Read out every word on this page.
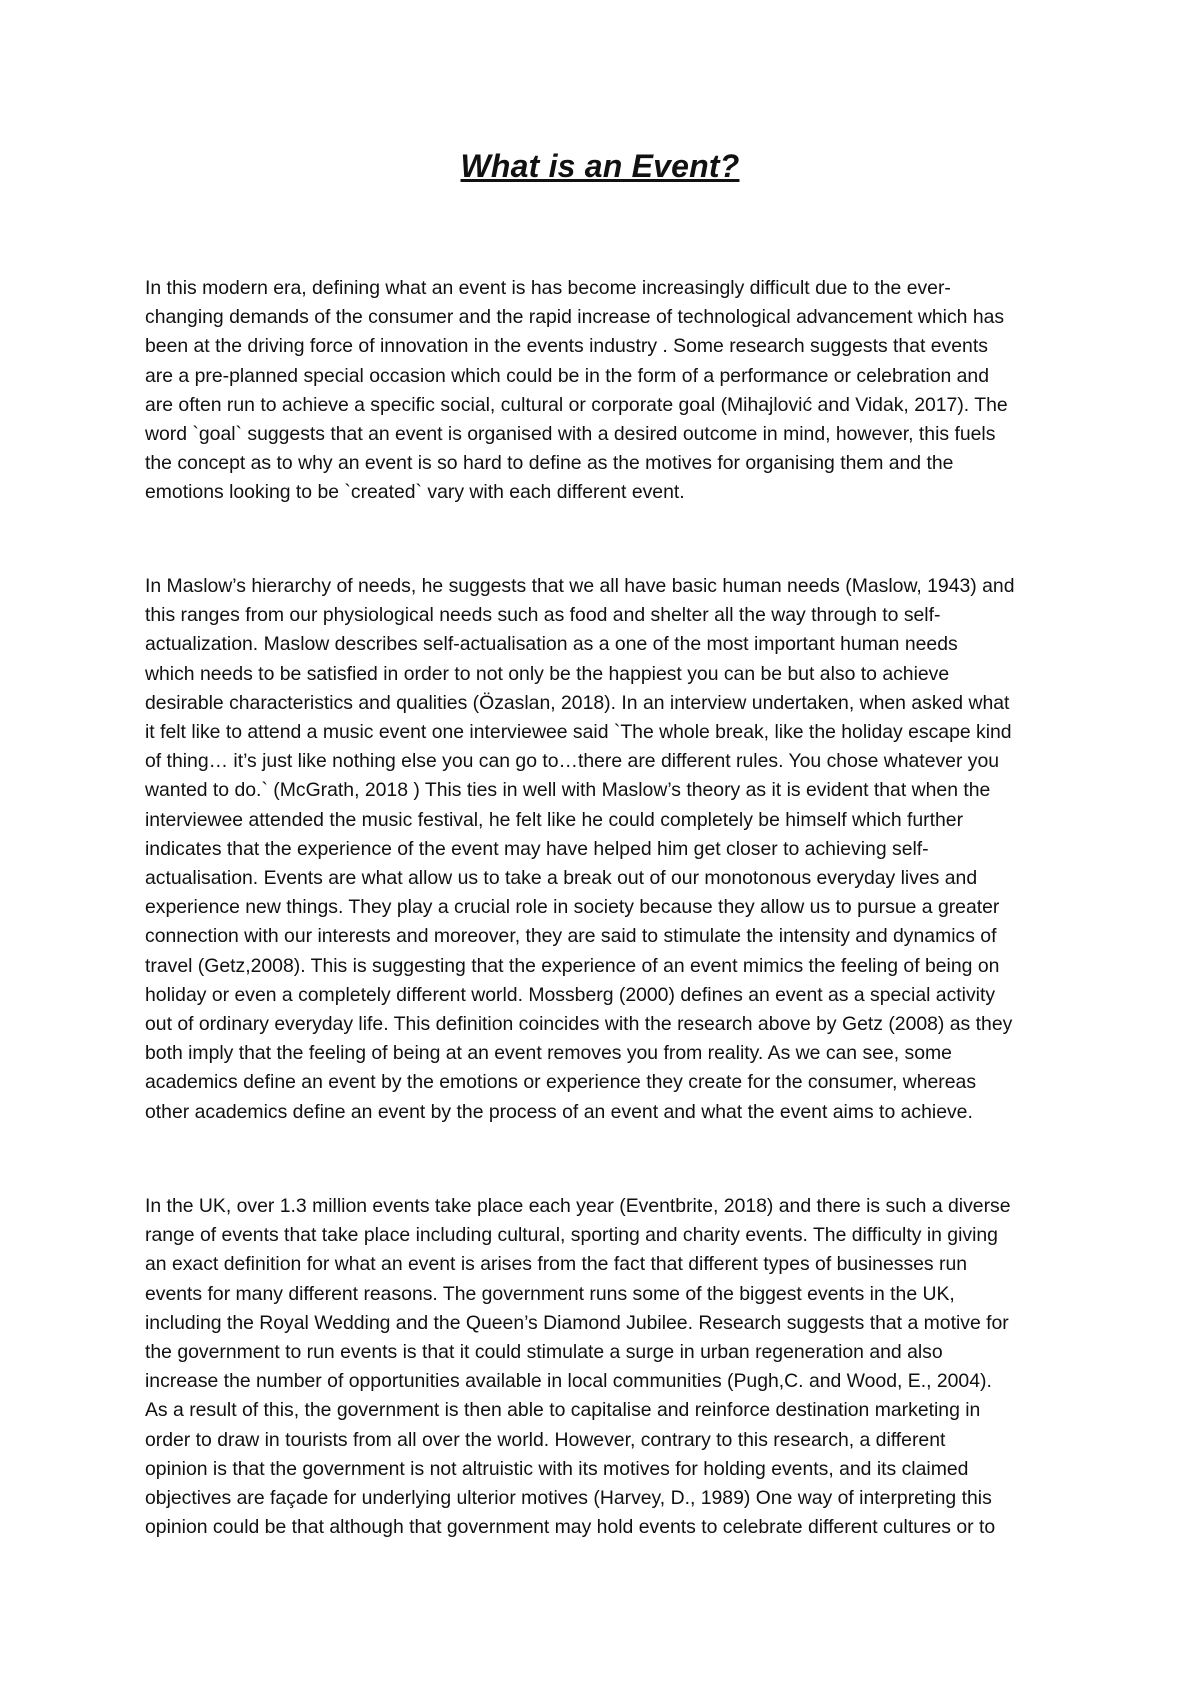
What is an Event?

In this modern era, defining what an event is has become increasingly difficult due to the ever-
changing demands of the consumer and the rapid increase of technological advancement which has
been at the driving force of innovation in the events industry . Some research suggests that events
are a pre-planned special occasion which could be in the form of a performance or celebration and
are often run to achieve a specific social, cultural or corporate goal (Mihajlović and Vidak, 2017). The
word `goal` suggests that an event is organised with a desired outcome in mind, however, this fuels
the concept as to why an event is so hard to define as the motives for organising them and the
emotions looking to be `created` vary with each different event.

In Maslow’s hierarchy of needs, he suggests that we all have basic human needs (Maslow, 1943) and
this ranges from our physiological needs such as food and shelter all the way through to self-
actualization. Maslow describes self-actualisation as a one of the most important human needs
which needs to be satisfied in order to not only be the happiest you can be but also to achieve
desirable characteristics and qualities (Özaslan, 2018). In an interview undertaken, when asked what
it felt like to attend a music event one interviewee said `The whole break, like the holiday escape kind
of thing… it’s just like nothing else you can go to…there are different rules. You chose whatever you
wanted to do.` (McGrath, 2018 ) This ties in well with Maslow’s theory as it is evident that when the
interviewee attended the music festival, he felt like he could completely be himself which further
indicates that the experience of the event may have helped him get closer to achieving self-
actualisation. Events are what allow us to take a break out of our monotonous everyday lives and
experience new things. They play a crucial role in society because they allow us to pursue a greater
connection with our interests and moreover, they are said to stimulate the intensity and dynamics of
travel (Getz,2008). This is suggesting that the experience of an event mimics the feeling of being on
holiday or even a completely different world. Mossberg (2000) defines an event as a special activity
out of ordinary everyday life. This definition coincides with the research above by Getz (2008) as they
both imply that the feeling of being at an event removes you from reality. As we can see, some
academics define an event by the emotions or experience they create for the consumer, whereas
other academics define an event by the process of an event and what the event aims to achieve.

In the UK, over 1.3 million events take place each year (Eventbrite, 2018) and there is such a diverse
range of events that take place including cultural, sporting and charity events. The difficulty in giving
an exact definition for what an event is arises from the fact that different types of businesses run
events for many different reasons. The government runs some of the biggest events in the UK,
including the Royal Wedding and the Queen’s Diamond Jubilee. Research suggests that a motive for
the government to run events is that it could stimulate a surge in urban regeneration and also
increase the number of opportunities available in local communities (Pugh,C. and Wood, E., 2004).
As a result of this, the government is then able to capitalise and reinforce destination marketing in
order to draw in tourists from all over the world. However, contrary to this research, a different
opinion is that the government is not altruistic with its motives for holding events, and its claimed
objectives are façade for underlying ulterior motives (Harvey, D., 1989) One way of interpreting this
opinion could be that although that government may hold events to celebrate different cultures or to
